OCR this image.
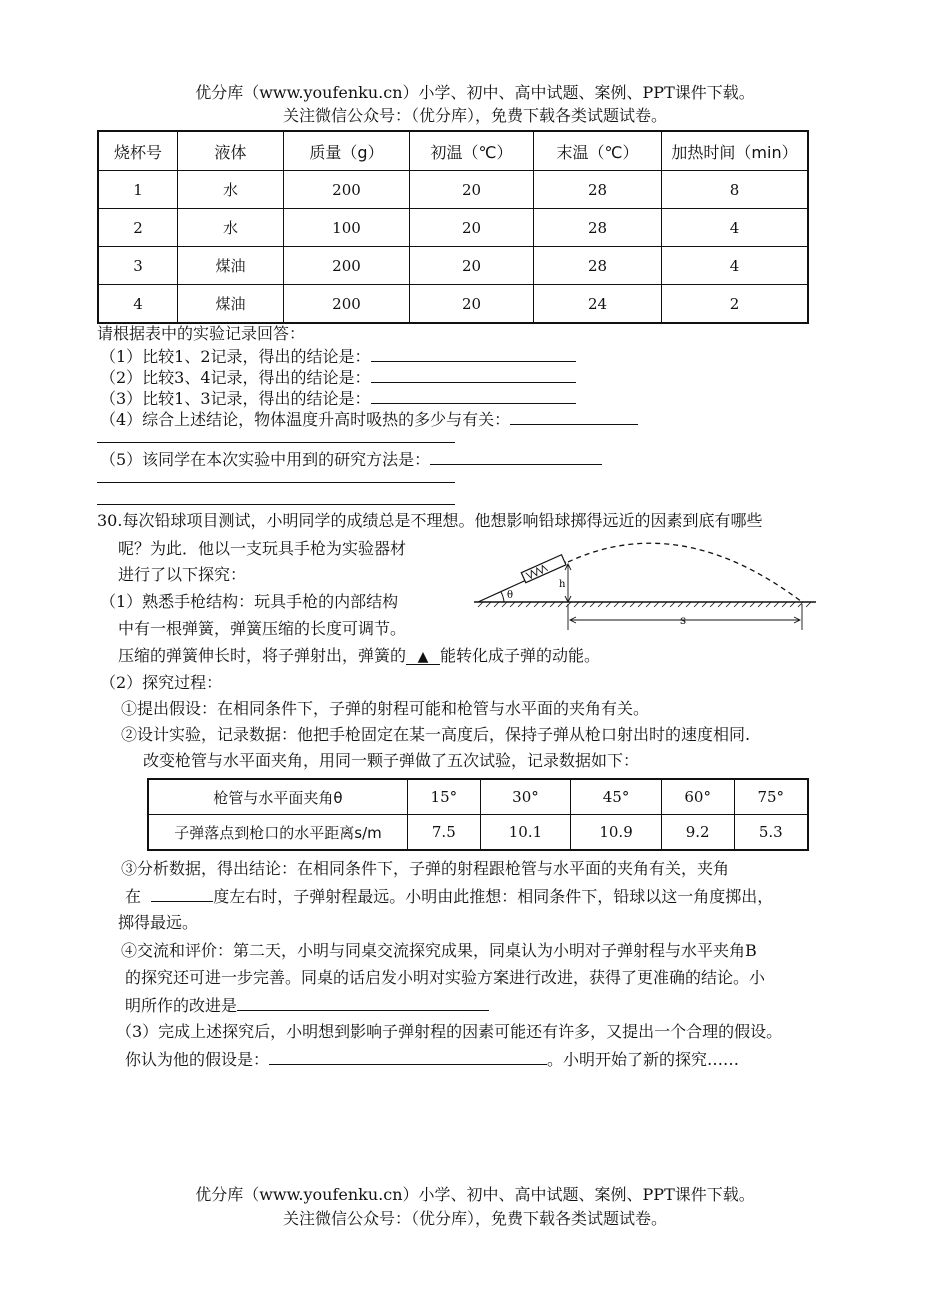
优分库（www.youfenku.cn）小学、初中、高中试题、案例、PPT课件下载。
关注微信公众号：（优分库），免费下载各类试题试卷。
烧杯号	液体	质量（g）	初温（℃）	末温（℃）	加热时间（min）
1	水	200	20	28	8
2	水	100	20	28	4
3	煤油	200	20	28	4
4	煤油	200	20	24	2
请根据表中的实验记录回答：
（1）比较1、2记录，得出的结论是：
（2）比较3、4记录，得出的结论是：
（3）比较1、3记录，得出的结论是：
（4）综合上述结论，物体温度升高时吸热的多少与有关：
（5）该同学在本次实验中用到的研究方法是：
30.每次铅球项目测试，小明同学的成绩总是不理想。他想影响铅球掷得远近的因素到底有哪些
呢？为此．他以一支玩具手枪为实验器材
进行了以下探究：
（1）熟悉手枪结构：玩具手枪的内部结构
中有一根弹簧，弹簧压缩的长度可调节。
压缩的弹簧伸长时，将子弹射出，弹簧的 ▲ 能转化成子弹的动能。
θ
h
s
（2）探究过程：
①提出假设：在相同条件下，子弹的射程可能和枪管与水平面的夹角有关。
②设计实验，记录数据：他把手枪固定在某一高度后，保持子弹从枪口射出时的速度相同.
改变枪管与水平面夹角，用同一颗子弹做了五次试验，记录数据如下：
枪管与水平面夹角θ	15°	30°	45°	60°	75°
子弹落点到枪口的水平距离s/m	7.5	10.1	10.9	9.2	5.3
③分析数据，得出结论：在相同条件下，子弹的射程跟枪管与水平面的夹角有关，夹角
在	度左右时，子弹射程最远。小明由此推想：相同条件下，铅球以这一角度掷出，
掷得最远。
④交流和评价：第二天，小明与同桌交流探究成果，同桌认为小明对子弹射程与水平夹角B
的探究还可进一步完善。同桌的话启发小明对实验方案进行改进，获得了更准确的结论。小
明所作的改进是
（3）完成上述探究后，小明想到影响子弹射程的因素可能还有许多，又提出一个合理的假设。
你认为他的假设是：	。小明开始了新的探究……
优分库（www.youfenku.cn）小学、初中、高中试题、案例、PPT课件下载。
关注微信公众号：（优分库），免费下载各类试题试卷。
